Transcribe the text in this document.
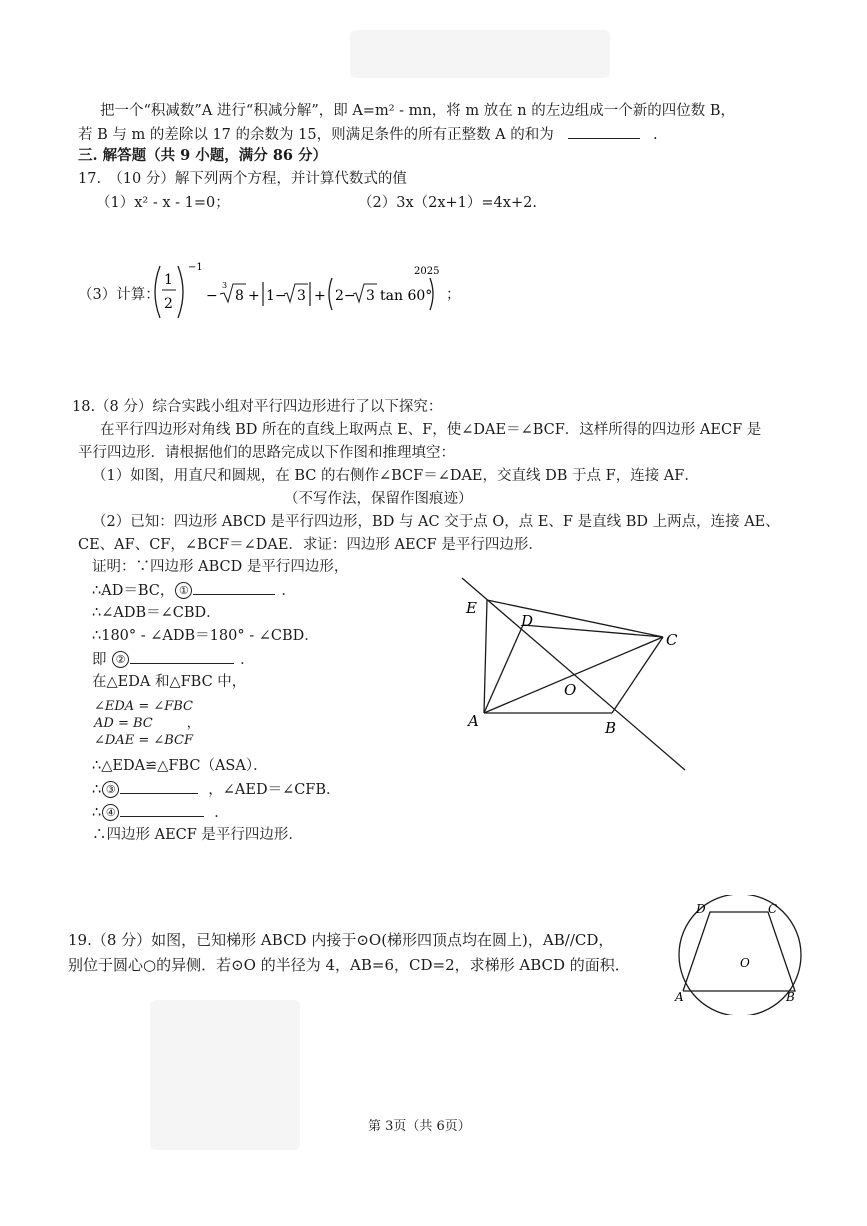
把一个“积减数”A 进行“积减分解”，即 A=m² - mn，将 m 放在 n 的左边组成一个新的四位数 B，
若 B 与 m 的差除以 17 的余数为 15，则满足条件的所有正整数 A 的和为	.
三. 解答题（共 9 小题，满分 86 分）
17.　（10 分）解下列两个方程，并计算代数式的值
（1）x² - x - 1=0；	（2）3x（2x+1）=4x+2.
（3）计算：
1
2
−1
−
3
8 + 1− 3 + 2− 3 tan 60°
2025
；
18.（8 分）综合实践小组对平行四边形进行了以下探究：
在平行四边形对角线 BD 所在的直线上取两点 E、F，使∠DAE＝∠BCF．这样所得的四边形 AECF 是
平行四边形．请根据他们的思路完成以下作图和推理填空：
（1）如图，用直尺和圆规，在 BC 的右侧作∠BCF＝∠DAE，交直线 DB 于点 F，连接 AF．
（不写作法，保留作图痕迹）
（2）已知：四边形 ABCD 是平行四边形，BD 与 AC 交于点 O，点 E、F 是直线 BD 上两点，连接 AE、
CE、AF、CF，∠BCF＝∠DAE．求证：四边形 AECF 是平行四边形．
证明：∵四边形 ABCD 是平行四边形，
∴AD＝BC， ①	．
∴∠ADB＝∠CBD．
∴180° - ∠ADB＝180° - ∠CBD．
即 ②	．
在△EDA 和△FBC 中，
∠EDA = ∠FBC
AD = BC	，
∠DAE = ∠BCF
∴△EDA≌△FBC（ASA）．
∴ ③	，∠AED＝∠CFB．
∴ ④	．
∴四边形 AECF 是平行四边形．
E
D
C
O
A	B
19.（8 分）如图，已知梯形 ABCD 内接于⊙O(梯形四顶点均在圆上)，AB//CD，
别位于圆心○的异侧．若⊙O 的半径为 4，AB=6，CD=2，求梯形 ABCD 的面积．
D	C
O
A	B
第 3页（共 6页）
